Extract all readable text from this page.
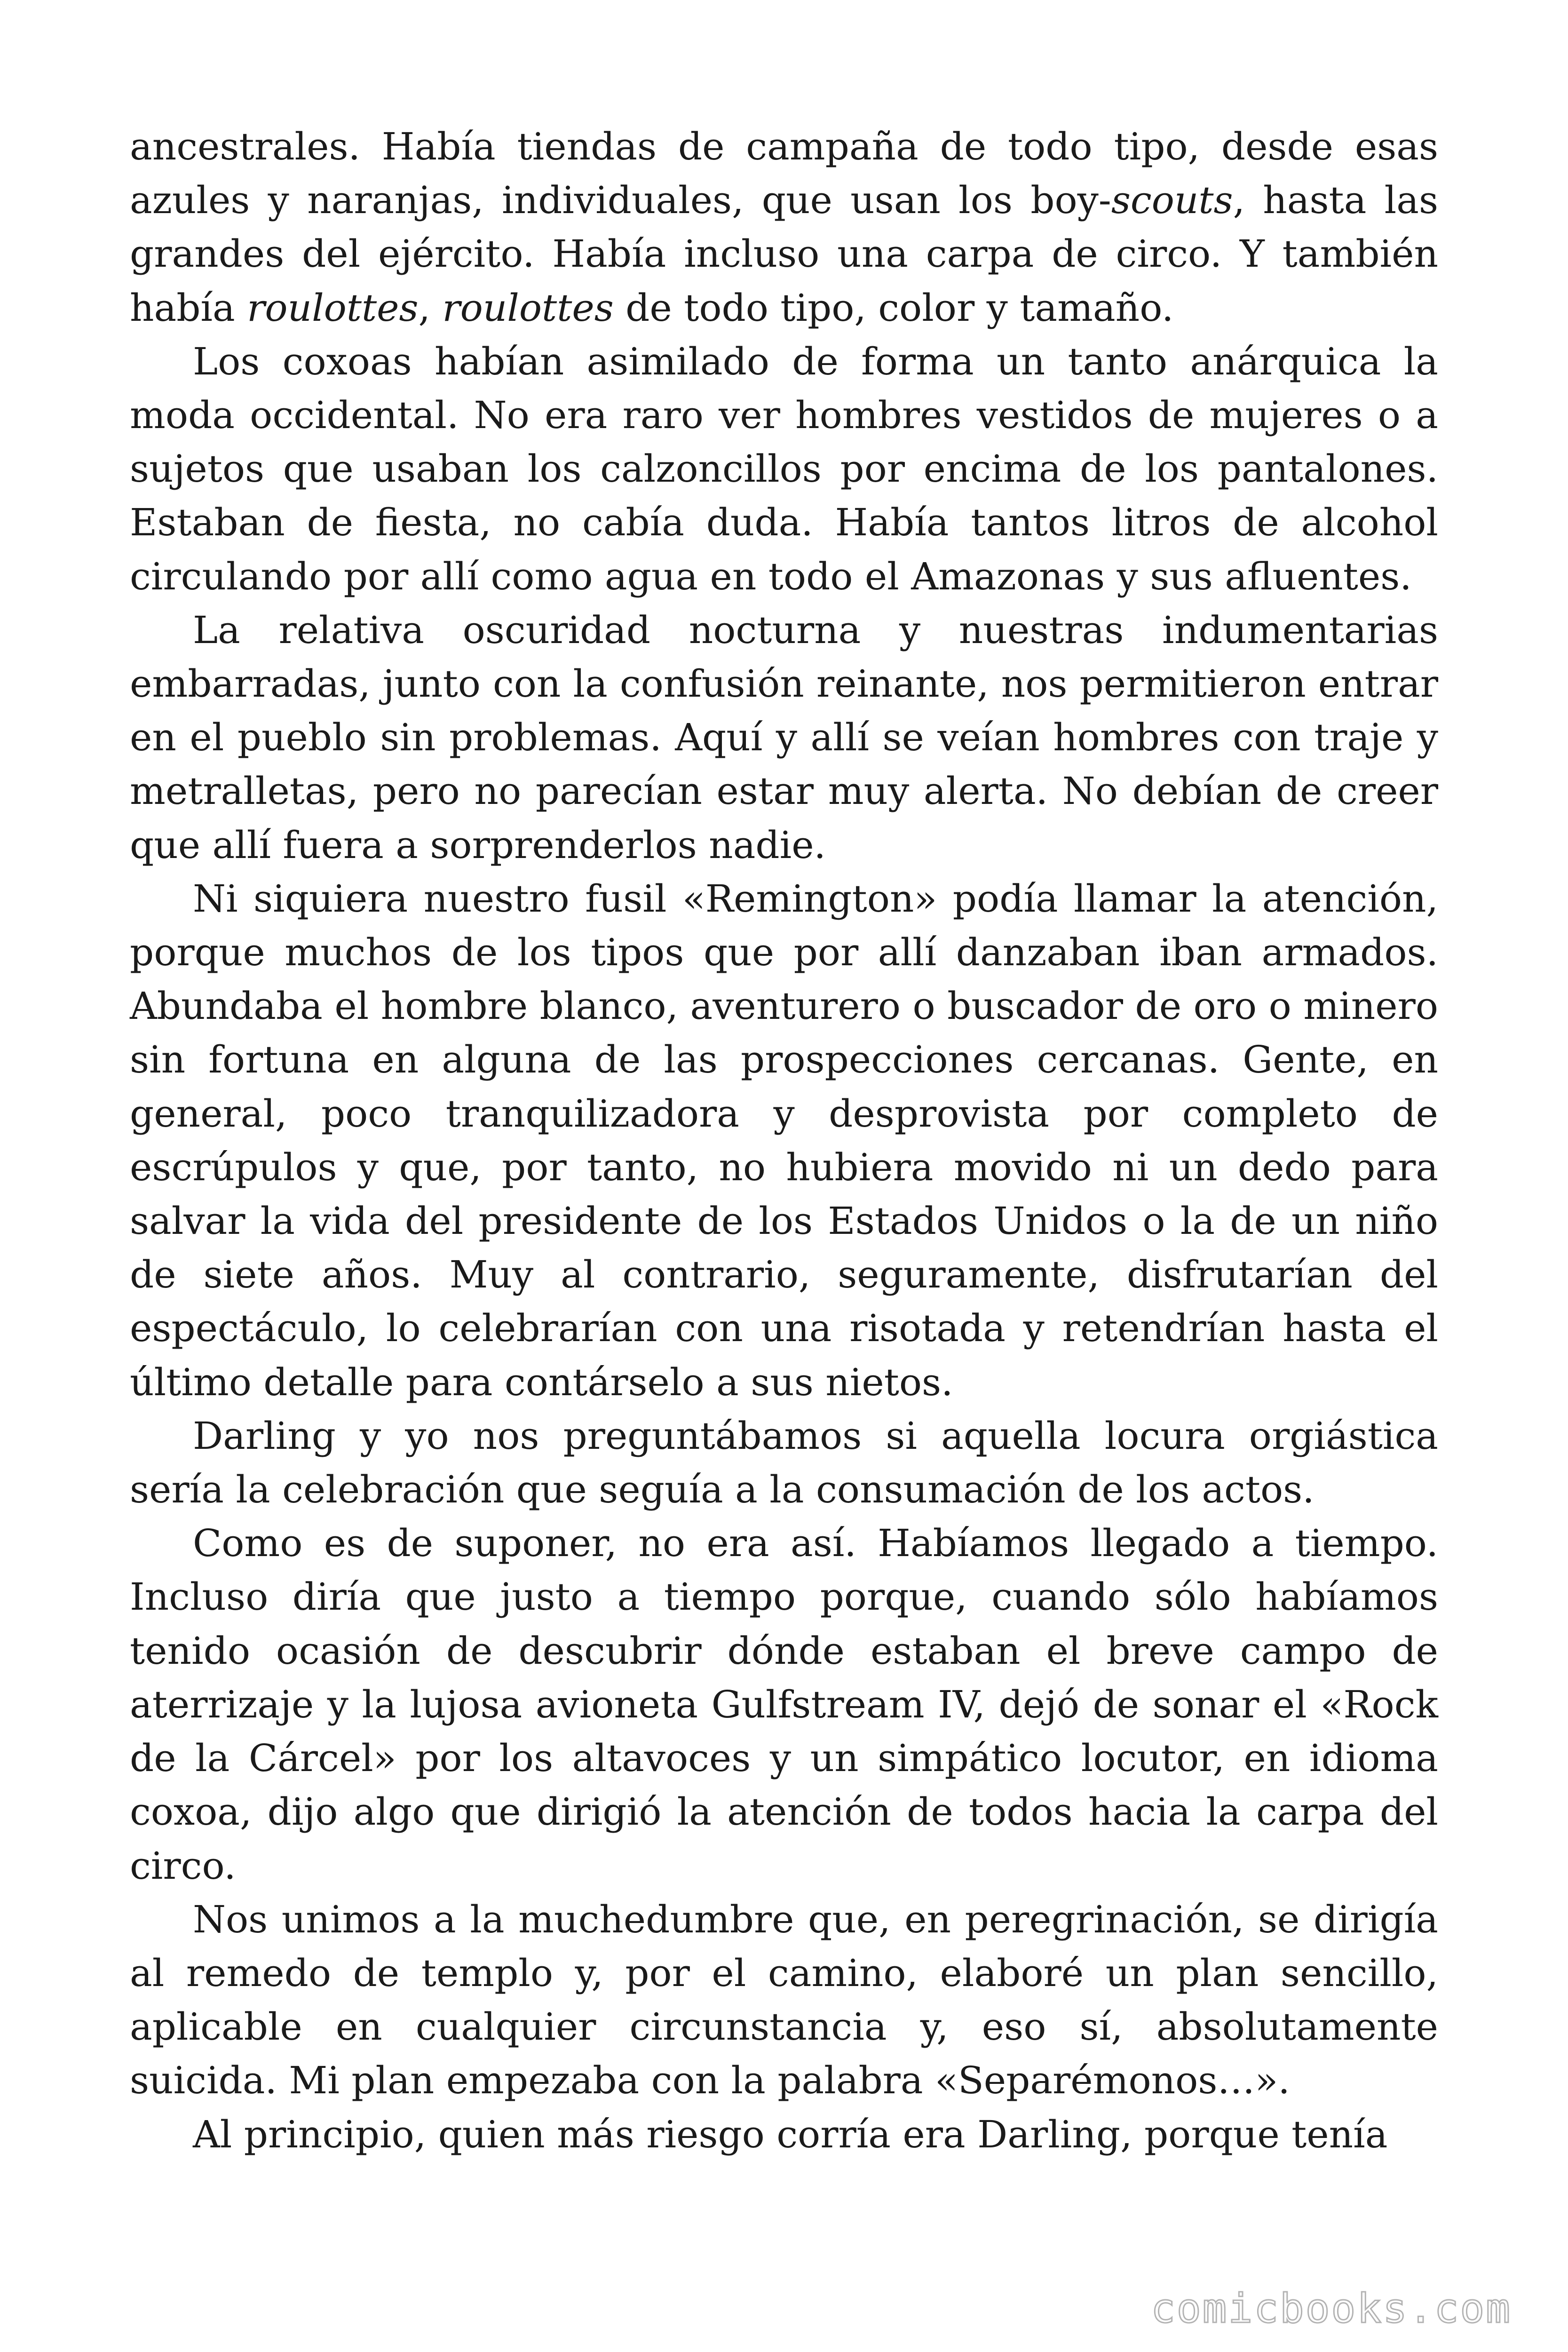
ancestrales. Había tiendas de campaña de todo tipo, desde esas azules y naranjas, individuales, que usan los boy-scouts, hasta las grandes del ejército. Había incluso una carpa de circo. Y también había roulottes, roulottes de todo tipo, color y tamaño.

Los coxoas habían asimilado de forma un tanto anárquica la moda occidental. No era raro ver hombres vestidos de mujeres o a sujetos que usaban los calzoncillos por encima de los pantalones. Estaban de fiesta, no cabía duda. Había tantos litros de alcohol circulando por allí como agua en todo el Amazonas y sus afluentes.

La relativa oscuridad nocturna y nuestras indumentarias embarradas, junto con la confusión reinante, nos permitieron entrar en el pueblo sin problemas. Aquí y allí se veían hombres con traje y metralletas, pero no parecían estar muy alerta. No debían de creer que allí fuera a sorprenderlos nadie.

Ni siquiera nuestro fusil «Remington» podía llamar la atención, porque muchos de los tipos que por allí danzaban iban armados. Abundaba el hombre blanco, aventurero o buscador de oro o minero sin fortuna en alguna de las prospecciones cercanas. Gente, en general, poco tranquilizadora y desprovista por completo de escrúpulos y que, por tanto, no hubiera movido ni un dedo para salvar la vida del presidente de los Estados Unidos o la de un niño de siete años. Muy al contrario, seguramente, disfrutarían del espectáculo, lo celebrarían con una risotada y retendrían hasta el último detalle para contárselo a sus nietos.

Darling y yo nos preguntábamos si aquella locura orgiástica sería la celebración que seguía a la consumación de los actos.

Como es de suponer, no era así. Habíamos llegado a tiempo. Incluso diría que justo a tiempo porque, cuando sólo habíamos tenido ocasión de descubrir dónde estaban el breve campo de aterrizaje y la lujosa avioneta Gulfstream IV, dejó de sonar el «Rock de la Cárcel» por los altavoces y un simpático locutor, en idioma coxoa, dijo algo que dirigió la atención de todos hacia la carpa del circo.

Nos unimos a la muchedumbre que, en peregrinación, se dirigía al remedo de templo y, por el camino, elaboré un plan sencillo, aplicable en cualquier circunstancia y, eso sí, absolutamente suicida. Mi plan empezaba con la palabra «Separémonos…».

Al principio, quien más riesgo corría era Darling, porque tenía

comicbooks.com
